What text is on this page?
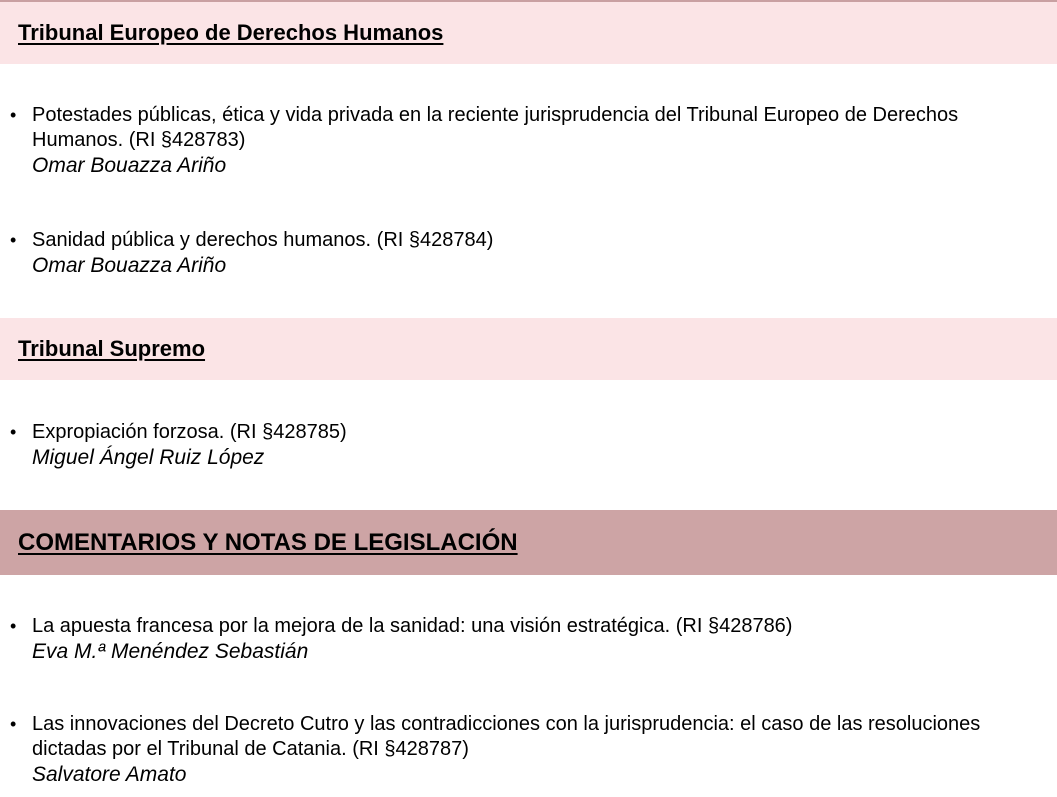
Tribunal Europeo de Derechos Humanos
• Potestades públicas, ética y vida privada en la reciente jurisprudencia del Tribunal Europeo de Derechos Humanos. (RI §428783)
Omar Bouazza Ariño
• Sanidad pública y derechos humanos. (RI §428784)
Omar Bouazza Ariño
Tribunal Supremo
• Expropiación forzosa. (RI §428785)
Miguel Ángel Ruiz López
COMENTARIOS Y NOTAS DE LEGISLACIÓN
• La apuesta francesa por la mejora de la sanidad: una visión estratégica. (RI §428786)
Eva M.ª Menéndez Sebastián
• Las innovaciones del Decreto Cutro y las contradicciones con la jurisprudencia: el caso de las resoluciones dictadas por el Tribunal de Catania. (RI §428787)
Salvatore Amato
